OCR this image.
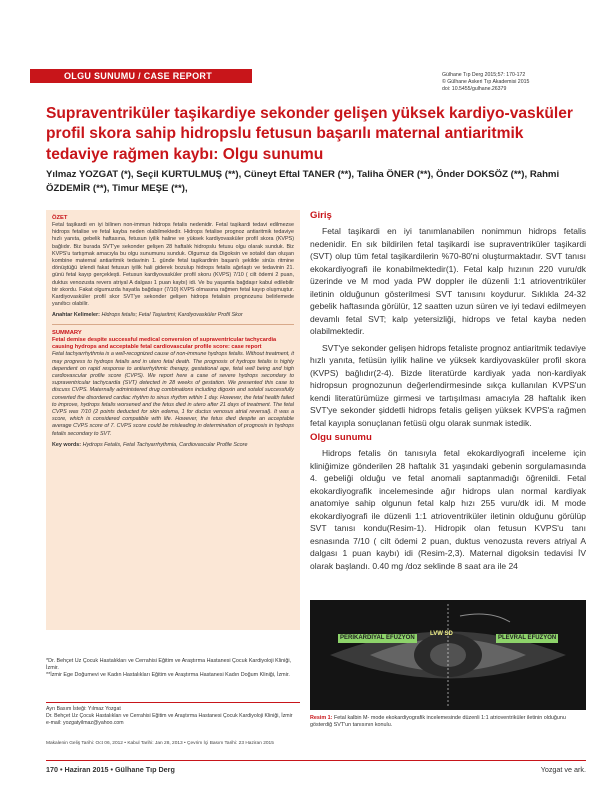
OLGU SUNUMU / CASE REPORT	Gülhane Tıp Derg 2015;57: 170-172
© Gülhane Askeri Tıp Akademisi 2015
doi: 10.5455/gulhane.26379
Supraventriküler taşikardiye sekonder gelişen yüksek kardiyo-vasküler profil skora sahip hidropslu fetusun başarılı maternal antiaritmik tedaviye rağmen kaybı: Olgu sunumu
Yılmaz YOZGAT (*), Seçil KURTULMUŞ (**), Cüneyt Eftal TANER (**), Taliha ÖNER (**), Önder DOKSÖZ (**), Rahmi ÖZDEMİR (**), Timur MEŞE (**),
ÖZET

Fetal taşikardi en iyi bilinen non-immun hidrops fetalis nedenidir. Fetal taşikardi tedavi edilmezse hidrops fetalise ve fetal kayba neden olabilmektedir. Hidrops fetalise prognoz antiaritmik tedaviye hızlı yanıta, gebelik haftasına, fetusun iyilik haline ve yüksek kardiyovasküler profil skora (KVPS) bağlıdır. Biz burada SVT'ye sekonder gelişen 28 haftalık hidropslu fetusu olgu olarak sunduk. Biz KVPS'u tartışmak amacıyla bu olgu sunumunu sunduk. Olgumuz da Digoksin ve sotalol dan oluşan kombine maternal antiaritmik tedavinin 1. günde fetal taşikardinin başarılı şekilde sinüs ritmine dönüştüğü izlendi fakat fetusun iyilik hali giderek bozulup hidrops fetalis ağırlaştı ve tedavinin 21. günü fetal kayıp gerçekleşti. Fetusun kardiyovasküler profil skoru (KVPS) 7/10 ( cilt ödemi 2 puan, duktus venozusta revers atriyal A dalgası 1 puan kaybı) idi. Ve bu yaşamla bağdaşır kabul edilebilir bir skordu. Fakat olgumuzda hayatla bağdaşır (7/10) KVPS olmasına rağmen fetal kayıp oluşmuştur. Kardiyovasküler profil skor SVT'ye sekonder gelişen hidrops fetalisin prognozunu belirlemede yanıltıcı olabilir.

Anahtar Kelimeler: Hidrops fetalis; Fetal Taşiaritmi; Kardiyovasküler Profil Skor
SUMMARY
Fetal demise despite successful medical conversion of supraventricular tachycardia causing hydrops and acceptable fetal cardiovascular profile score: case report

Fetal tachyarrhythmia is a well-recognized cause of non-immune hydrops fetalis. Without treatment, it may progress to hydrops fetalis and in utero fetal death. The prognosis of hydrops fetalis is highly dependent on rapid response to antiarrhythmic therapy, gestational age, fetal well being and high cardiovascular profile score (CVPS). We report here a case of severe hydrops secondary to supraventricular tachycardia (SVT) detected in 28 weeks of gestation. We presented this case to discuss CVPS. Maternally administered drug combinations including digoxin and sotalol successfully converted the disordered cardiac rhythm to sinus rhythm within 1 day. However, the fetal health failed to improve, hydrops fetalis worsened and the fetus died in utero after 21 days of treatment. The fetal CVPS was 7/10 (2 points deducted for skin edema, 1 for ductus venosus atrial reversal). It was a score, which is considered compatible with life. However, the fetus died despite an acceptable average CVPS score of 7. CVPS score could be misleading in determination of prognosis in hydrops fetalis secondary to SVT.

Key words: Hydrops Fetalis, Fetal Tachyarrhythmia, Cardiovascular Profile Score
*Dr. Behçet Uz Çocuk Hastalıkları ve Cerrahisi Eğitim ve Araştırma Hastanesi Çocuk Kardiyoloji Kliniği, İzmir.
**İzmir Ege Doğumevi ve Kadın Hastalıkları Eğitim ve Araştırma Hastanesi Kadın Doğum Kliniği, İzmir.
Ayrı Basım İsteği: Yılmaz Yozgat
Dr. Behçet Uz Çocuk Hastalıkları ve Cerrahisi Eğitim ve Araştırma Hastanesi Çocuk Kardiyoloji Kliniği, İzmir
e-mail: yozgatyilmaz@yahoo.com
Makalenin Geliş Tarihi: Oct 06, 2012 • Kabul Tarihi: Jan 28, 2013 • Çevrim İçi Basım Tarihi: 23 Haziran 2015
Giriş

Fetal taşikardi en iyi tanımlanabilen nonimmun hidrops fetalis nedenidir. En sık bildirilen fetal taşikardi ise supraventriküler taşikardi (SVT) olup tüm fetal taşikardilerin %70-80'ni oluşturmaktadır. SVT tanısı ekokardiyografi ile konabilmektedir(1). Fetal kalp hızının 220 vuru/dk üzerinde ve M mod yada PW doppler ile düzenli 1:1 atrioventriküler iletinin olduğunun gösterilmesi SVT tanısını koydurur. Sıklıkla 24-32 gebelik haftasında görülür, 12 saatten uzun süren ve iyi tedavi edilmeyen devamlı fetal SVT; kalp yetersizliği, hidrops ve fetal kayba neden olabilmektedir.

SVT'ye sekonder gelişen hidrops fetaliste prognoz antiaritmik tedaviye hızlı yanıta, fetüsün iyilik haline ve yüksek kardiyovasküler profil skora (KVPS) bağlıdır(2-4). Bizde literatürde kardiyak yada non-kardiyak hidropsun prognozunun değerlendirmesinde sıkça kullanılan KVPS'un kendi literatürümüze girmesi ve tartışılması amacıyla 28 haftalık iken SVT'ye sekonder şiddetli hidrops fetalis gelişen yüksek KVPS'a rağmen fetal kayıpla sonuçlanan fetüsü olgu olarak sunmak istedik.

Olgu sunumu

Hidrops fetalis ön tanısıyla fetal ekokardiyografi inceleme için kliniğimize gönderilen 28 haftalık 31 yaşındaki gebenin sorgulamasında 4. gebeliği olduğu ve fetal anomali saptanmadığı öğrenildi. Fetal ekokardiyografik incelemesinde ağır hidrops ulan normal kardiyak anatomiye sahip olgunun fetal kalp hızı 255 vuru/dk idi. M mode ekokardiyografi ile düzenli 1:1 atrioventriküler iletinin olduğunu görülüp SVT tanısı kondu(Resim-1). Hidropik olan fetusun KVPS'u tanı esnasında 7/10 ( cilt ödemi 2 puan, duktus venozusta revers atriyal A dalgası 1 puan kaybı) idi (Resim-2,3). Maternal digoksin tedavisi İV olarak başlandı. 0.40 mg /doz seklinde 8 saat ara ile 24

PERİKARDİYAL EFÜZYON
LVW SD
PLEVRAL EFÜZYON
Resim 1: Fetal kalbin M- mode ekokardiyografik incelemesinde düzenli 1:1 atrioventriküler iletinin olduğunu gösterdiğ SVT'un tanısının konulu.
170 • Haziran 2015 • Gülhane Tıp Derg	Yozgat ve ark.
